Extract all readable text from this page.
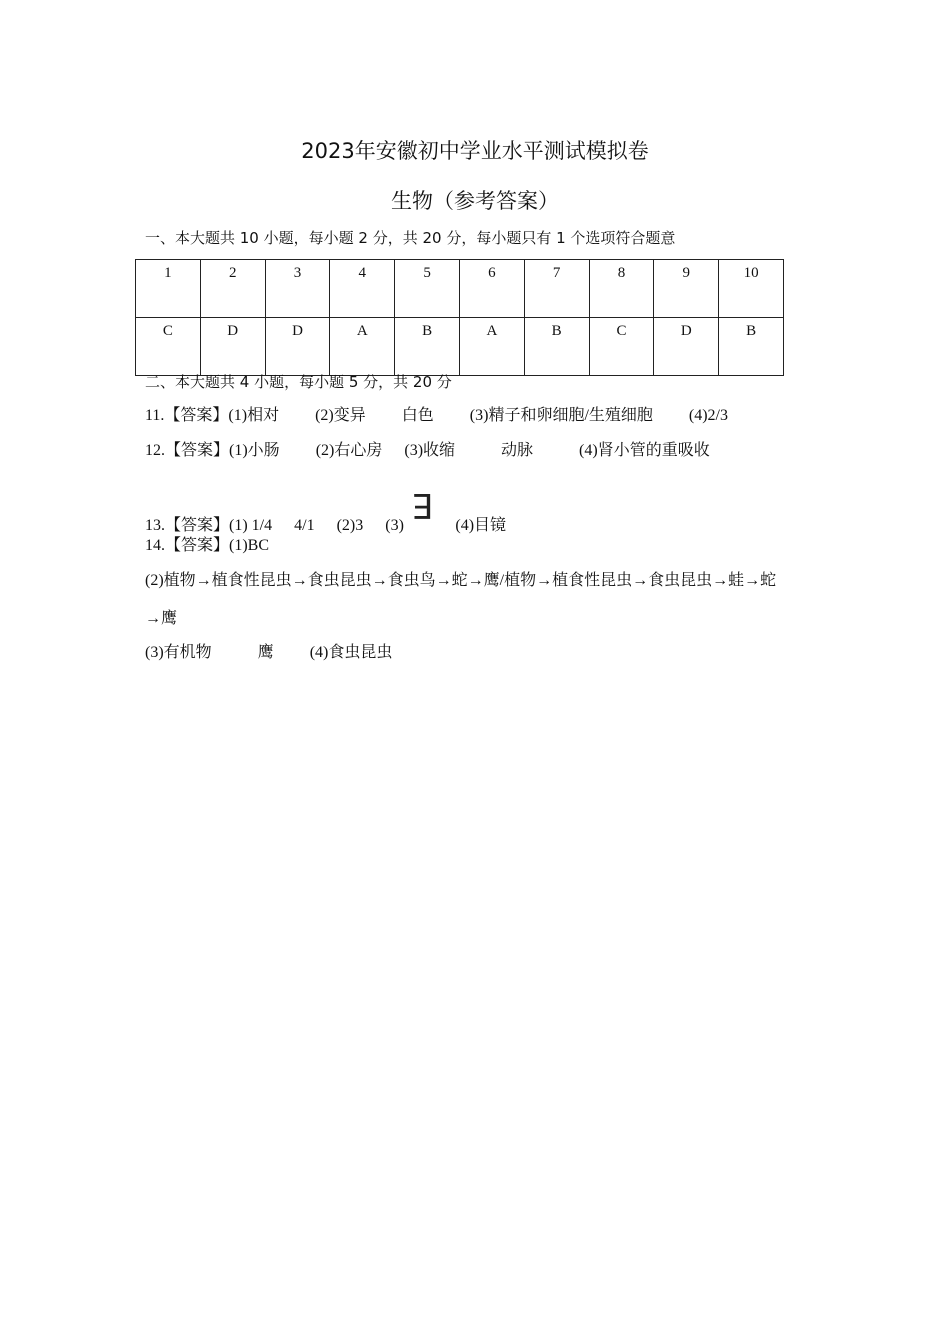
2023年安徽初中学业水平测试模拟卷
生物（参考答案）
一、本大题共 10 小题，每小题 2 分，共 20 分，每小题只有 1 个选项符合题意
1	2	3	4	5	6	7	8	9	10
C	D	D	A	B	A	B	C	D	B
二、本大题共 4 小题，每小题 5 分，共 20 分
11.【答案】(1)相对 (2)变异 白色 (3)精子和卵细胞/生殖细胞 (4)2/3
12.【答案】(1)小肠 (2)右心房 (3)收缩	动脉	(4)肾小管的重吸收
13.【答案】(1) 1/4 4/1 (2)3 (3)E(4)目镜
14.【答案】(1)BC
(2)植物→植食性昆虫→食虫昆虫→食虫鸟→蛇→鹰/植物→植食性昆虫→食虫昆虫→蛙→蛇
→鹰
(3)有机物	鹰 (4)食虫昆虫
